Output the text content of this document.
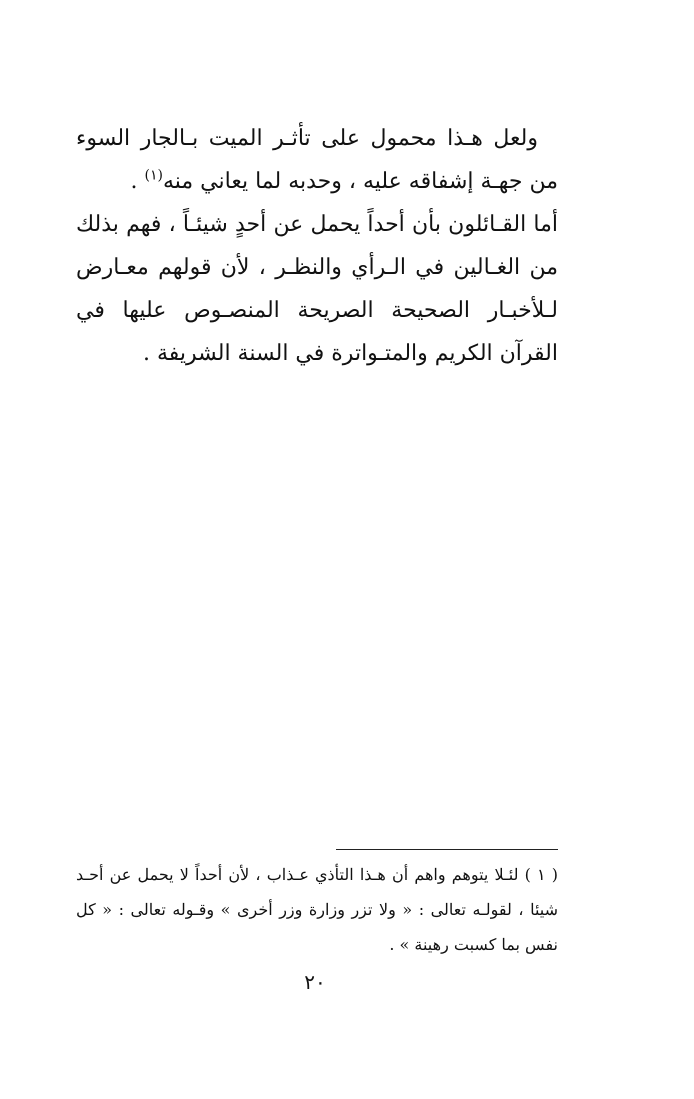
ولعل هـذا محمول على تأثـر الميت بـالجار السوء من جهـة إشفاقه عليه ، وحدبه لما يعاني منه$^{(١)}$ .

أما القـائلون بأن أحداً يحمل عن أحدٍ شيئـاً ، فهم بذلك من الغـالين في الـرأي والنظـر ، لأن قولهم معـارض لـلأخبـار الصحيحة الصريحة المنصـوص عليها في القرآن الكريم والمتـواترة في السنة الشريفة .

( ١ ) لئـلا يتوهم واهم أن هـذا التأذي عـذاب ، لأن أحداً لا يحمل عن أحـد شيئا ، لقولـه تعالى : « ولا تزر وزارة وزر أخرى » وقـوله تعالى : « كل نفس بما كسبت رهينة » .

٢٠
